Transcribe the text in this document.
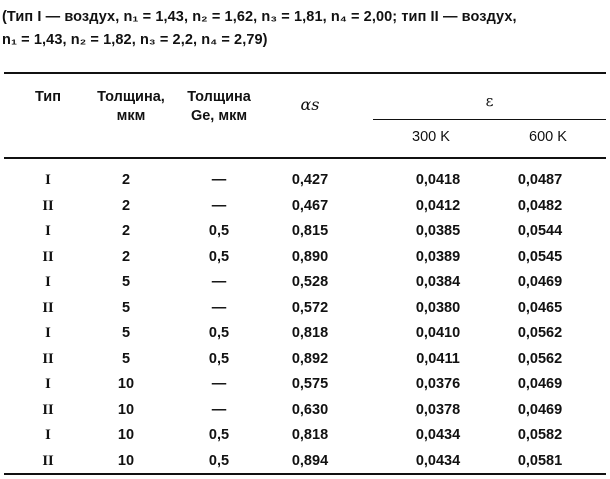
(Тип I — воздух, n₁ = 1,43, n₂ = 1,62, n₃ = 1,81, n₄ = 2,00; тип II — воздух,
n₁ = 1,43, n₂ = 1,82, n₃ = 2,2, n₄ = 2,79)
Тип	Толщина,
мкм
Толщина
Ge, мкм
αs	ε
300 K	600 K
I	2	—	0,427	0,0418	0,0487
II	2	—	0,467	0,0412	0,0482
I	2	0,5	0,815	0,0385	0,0544
II	2	0,5	0,890	0,0389	0,0545
I	5	—	0,528	0,0384	0,0469
II	5	—	0,572	0,0380	0,0465
I	5	0,5	0,818	0,0410	0,0562
II	5	0,5	0,892	0,0411	0,0562
I	10	—	0,575	0,0376	0,0469
II	10	—	0,630	0,0378	0,0469
I	10	0,5	0,818	0,0434	0,0582
II	10	0,5	0,894	0,0434	0,0581
